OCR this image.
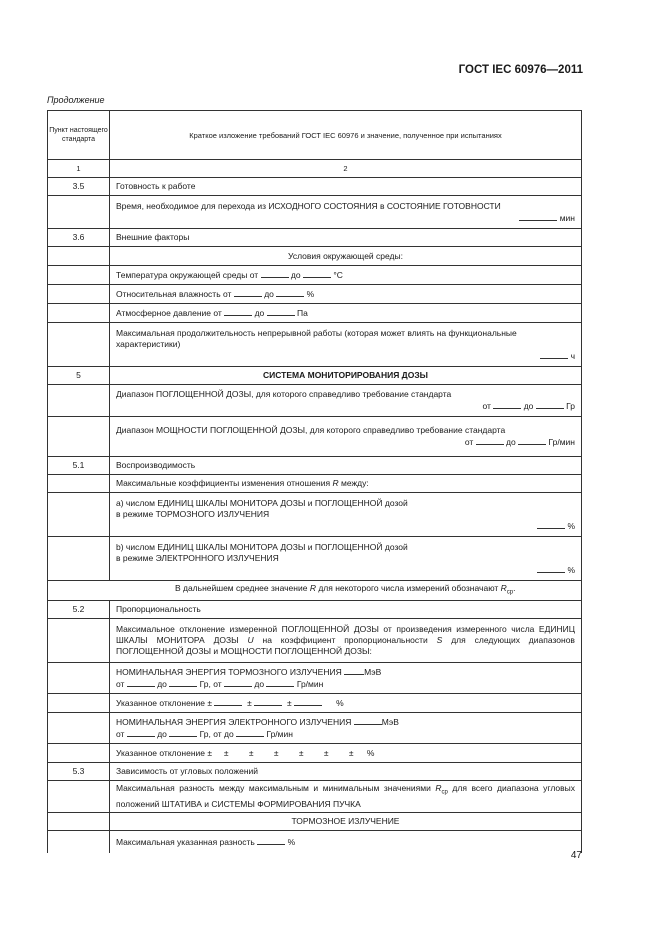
ГОСТ IEC 60976—2011
Продолжение
Пункт настоящего стандарта	Краткое изложение требований ГОСТ IEC 60976 и значение, полученное при испытаниях
1	2
3.5	Готовность к работе

	Время, необходимое для перехода из ИСХОДНОГО СОСТОЯНИЯ в СОСТОЯНИЕ ГОТОВНОСТИ
мин

3.6	Внешние факторы
	Условия окружающей среды:
	Температура окружающей среды от до °C
	Относительная влажность от до %
	Атмосферное давление от до Па

	Максимальная продолжительность непрерывной работы (которая может влиять на функциональные характеристики)
ч

5	СИСТЕМА МОНИТОРИРОВАНИЯ ДОЗЫ

	Диапазон ПОГЛОЩЕННОЙ ДОЗЫ, для которого справедливо требование стандарта
от до Гр

	Диапазон МОЩНОСТИ ПОГЛОЩЕННОЙ ДОЗЫ, для которого справедливо требование стандарта
от до Гр/мин

5.1	Воспроизводимость
	Максимальные коэффициенты изменения отношения R между:

	а) числом ЕДИНИЦ ШКАЛЫ МОНИТОРА ДОЗЫ и ПОГЛОЩЕННОЙ дозой
в режиме ТОРМОЗНОГО ИЗЛУЧЕНИЯ
%

	b) числом ЕДИНИЦ ШКАЛЫ МОНИТОРА ДОЗЫ и ПОГЛОЩЕННОЙ дозой
в режиме ЭЛЕКТРОННОГО ИЗЛУЧЕНИЯ
%

	В дальнейшем среднее значение R для некоторого числа измерений обозначают $R_{ср}$.
5.2	Пропорциональность
	Максимальное отклонение измеренной ПОГЛОЩЕННОЙ ДОЗЫ от произведения измеренного числа ЕДИНИЦ ШКАЛЫ МОНИТОРА ДОЗЫ U на коэффициент пропорциональности S для следующих диапазонов ПОГЛОЩЕННОЙ ДОЗЫ и МОЩНОСТИ ПОГЛОЩЕННОЙ ДОЗЫ:

	НОМИНАЛЬНАЯ ЭНЕРГИЯ ТОРМОЗНОГО ИЗЛУЧЕНИЯ МэВ
от до Гр, от до Гр/мин

	Указанное отклонение ± ± ± %

	НОМИНАЛЬНАЯ ЭНЕРГИЯ ЭЛЕКТРОННОГО ИЗЛУЧЕНИЯ МэВ
от до Гр, от до Гр/мин

	Указанное отклонение ± ± ± ± ± ± ± %
5.3	Зависимость от угловых положений
	Максимальная разность между максимальным и минимальным значениями $R_{ср}$ для всего диапазона угловых положений ШТАТИВА и СИСТЕМЫ ФОРМИРОВАНИЯ ПУЧКА
	ТОРМОЗНОЕ ИЗЛУЧЕНИЕ
	Максимальная указанная разность %
47
